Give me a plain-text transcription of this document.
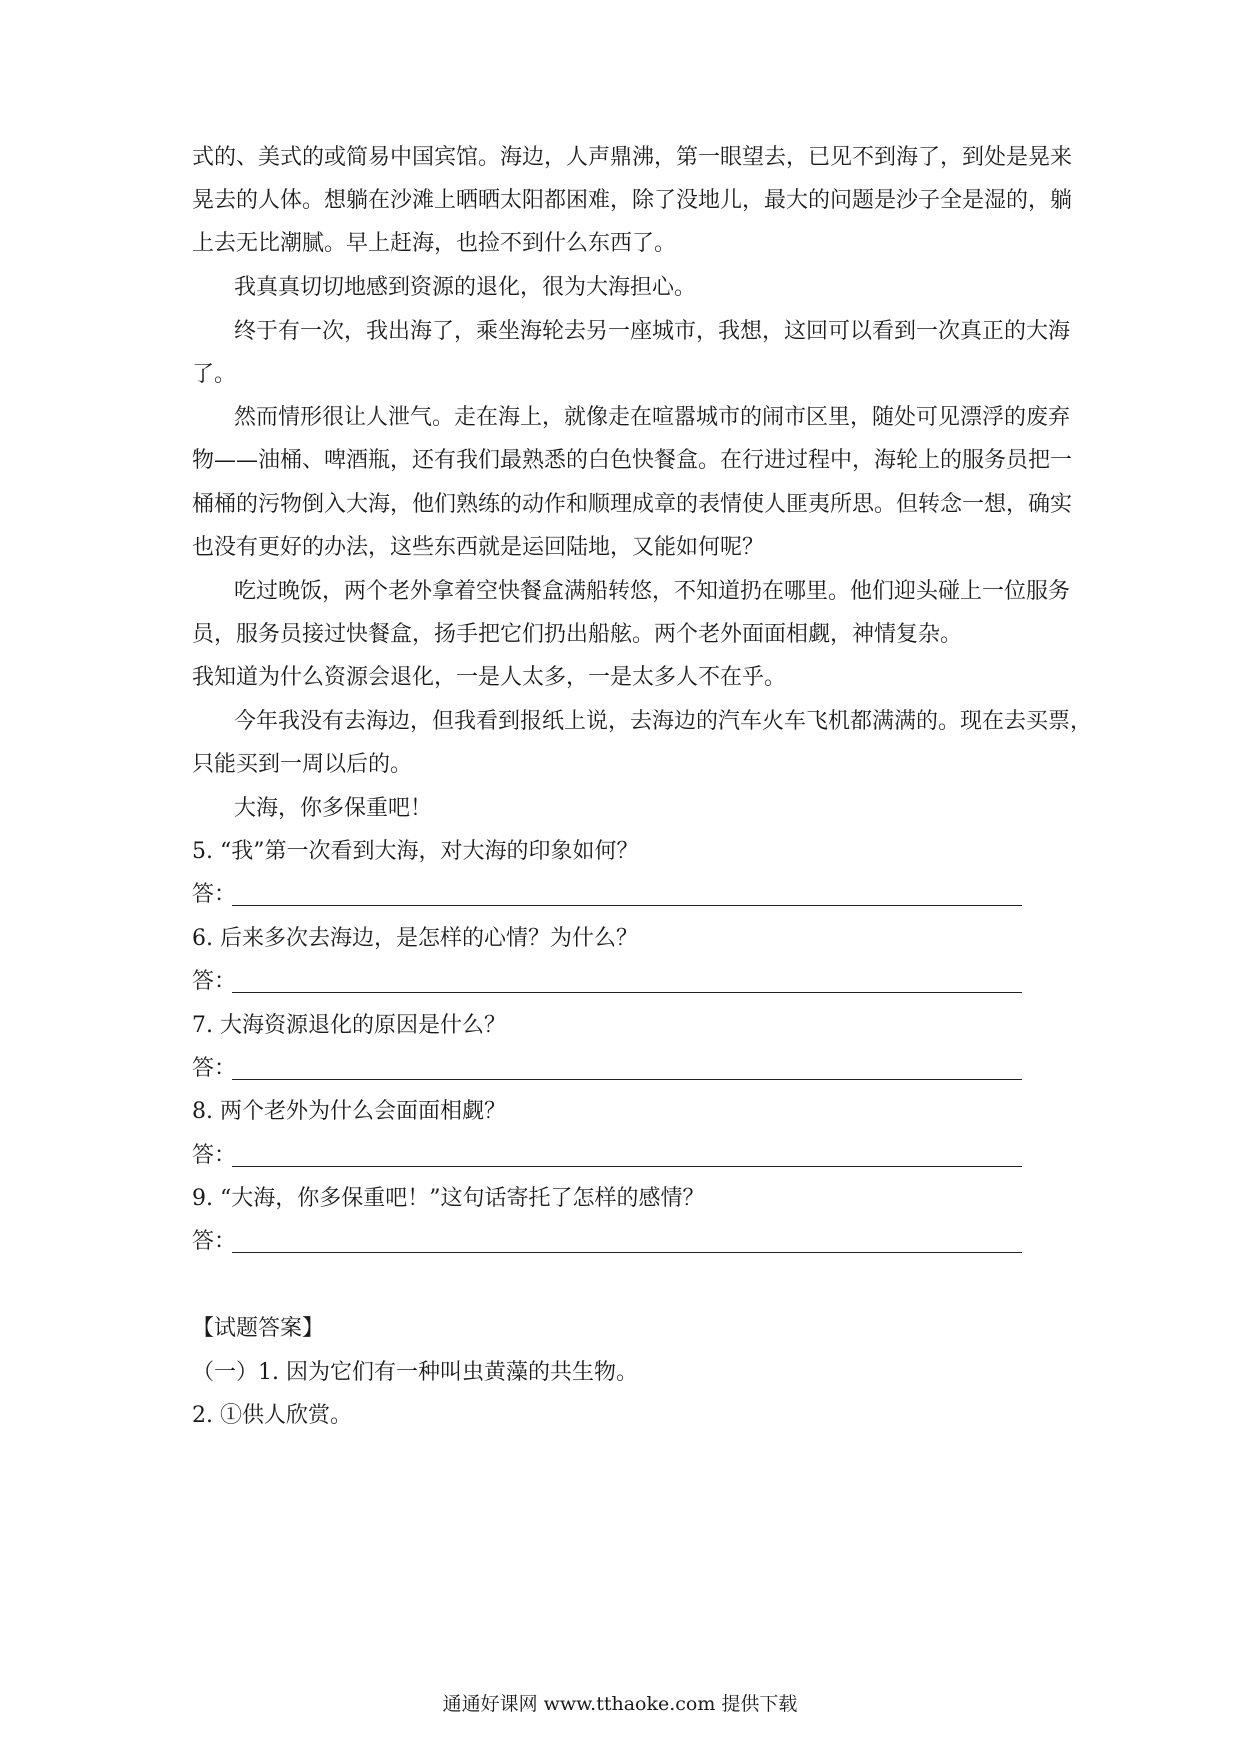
式的、美式的或简易中国宾馆。海边，人声鼎沸，第一眼望去，已见不到海了，到处是晃来
晃去的人体。想躺在沙滩上晒晒太阳都困难，除了没地儿，最大的问题是沙子全是湿的，躺
上去无比潮腻。早上赶海，也捡不到什么东西了。
我真真切切地感到资源的退化，很为大海担心。
终于有一次，我出海了，乘坐海轮去另一座城市，我想，这回可以看到一次真正的大海
了。
然而情形很让人泄气。走在海上，就像走在喧嚣城市的闹市区里，随处可见漂浮的废弃
物——油桶、啤酒瓶，还有我们最熟悉的白色快餐盒。在行进过程中，海轮上的服务员把一
桶桶的污物倒入大海，他们熟练的动作和顺理成章的表情使人匪夷所思。但转念一想，确实
也没有更好的办法，这些东西就是运回陆地，又能如何呢？
吃过晚饭，两个老外拿着空快餐盒满船转悠，不知道扔在哪里。他们迎头碰上一位服务
员，服务员接过快餐盒，扬手把它们扔出船舷。两个老外面面相觑，神情复杂。
我知道为什么资源会退化，一是人太多，一是太多人不在乎。
今年我没有去海边，但我看到报纸上说，去海边的汽车火车飞机都满满的。现在去买票，
只能买到一周以后的。
大海，你多保重吧！
5. “我”第一次看到大海，对大海的印象如何？
答：
6. 后来多次去海边，是怎样的心情？为什么？
答：
7. 大海资源退化的原因是什么？
答：
8. 两个老外为什么会面面相觑？
答：
9. “大海，你多保重吧！”这句话寄托了怎样的感情？
答：
【试题答案】
（一）1. 因为它们有一种叫虫黄藻的共生物。
2. ①供人欣赏。
通通好课网 www.tthaoke.com 提供下载
